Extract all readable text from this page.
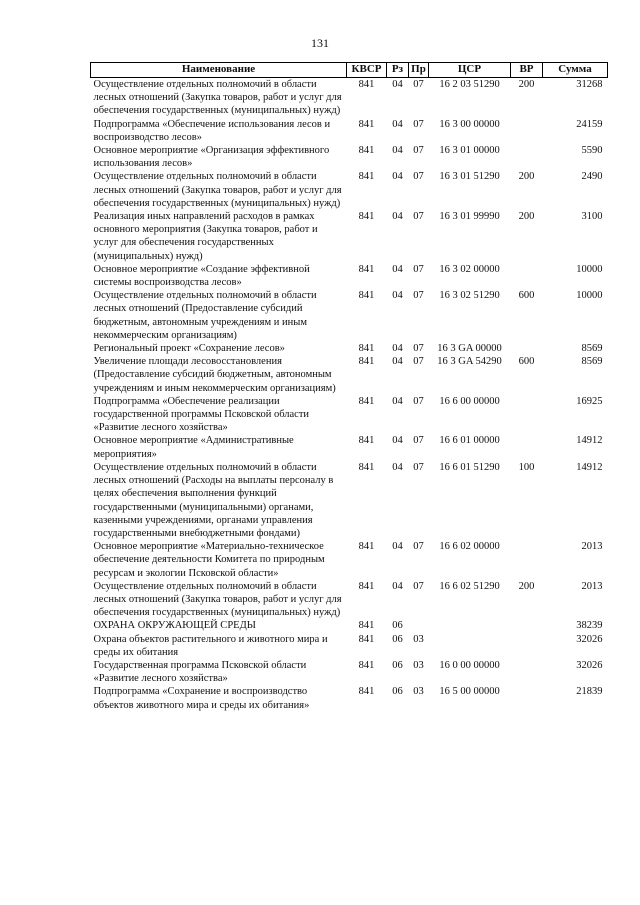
131
Наименование	КВСР	Рз	Пр	ЦСР	ВР	Сумма
Осуществление отдельных полномочий в области лесных отношений (Закупка товаров, работ и услуг для обеспечения государственных (муниципальных) нужд)	841	04	07	16 2 03 51290	200	31268
Подпрограмма «Обеспечение использования лесов и воспроизводство лесов»	841	04	07	16 3 00 00000		24159
Основное мероприятие «Организация эффективного использования лесов»	841	04	07	16 3 01 00000		5590
Осуществление отдельных полномочий в области лесных отношений (Закупка товаров, работ и услуг для обеспечения государственных (муниципальных) нужд)	841	04	07	16 3 01 51290	200	2490
Реализация иных направлений расходов в рамках основного мероприятия (Закупка товаров, работ и услуг для обеспечения государственных (муниципальных) нужд)	841	04	07	16 3 01 99990	200	3100
Основное мероприятие «Создание эффективной системы воспроизводства лесов»	841	04	07	16 3 02 00000		10000
Осуществление отдельных полномочий в области лесных отношений (Предоставление субсидий бюджетным, автономным учреждениям и иным некоммерческим организациям)	841	04	07	16 3 02 51290	600	10000
Региональный проект «Сохранение лесов»	841	04	07	16 3 GA 00000		8569
Увеличение площади лесовосстановления (Предоставление субсидий бюджетным, автономным учреждениям и иным некоммерческим организациям)	841	04	07	16 3 GA 54290	600	8569
Подпрограмма «Обеспечение реализации государственной программы Псковской области «Развитие лесного хозяйства»	841	04	07	16 6 00 00000		16925
Основное мероприятие «Административные мероприятия»	841	04	07	16 6 01 00000		14912
Осуществление отдельных полномочий в области лесных отношений (Расходы на выплаты персоналу в целях обеспечения выполнения функций государственными (муниципальными) органами, казенными учреждениями, органами управления государственными внебюджетными фондами)	841	04	07	16 6 01 51290	100	14912
Основное мероприятие «Материально-техническое обеспечение деятельности Комитета по природным ресурсам и экологии Псковской области»	841	04	07	16 6 02 00000		2013
Осуществление отдельных полномочий в области лесных отношений (Закупка товаров, работ и услуг для обеспечения государственных (муниципальных) нужд)	841	04	07	16 6 02 51290	200	2013
ОХРАНА ОКРУЖАЮЩЕЙ СРЕДЫ	841	06				38239
Охрана объектов растительного и животного мира и среды их обитания	841	06	03			32026
Государственная программа Псковской области «Развитие лесного хозяйства»	841	06	03	16 0 00 00000		32026
Подпрограмма «Сохранение и воспроизводство объектов животного мира и среды их обитания»	841	06	03	16 5 00 00000		21839
